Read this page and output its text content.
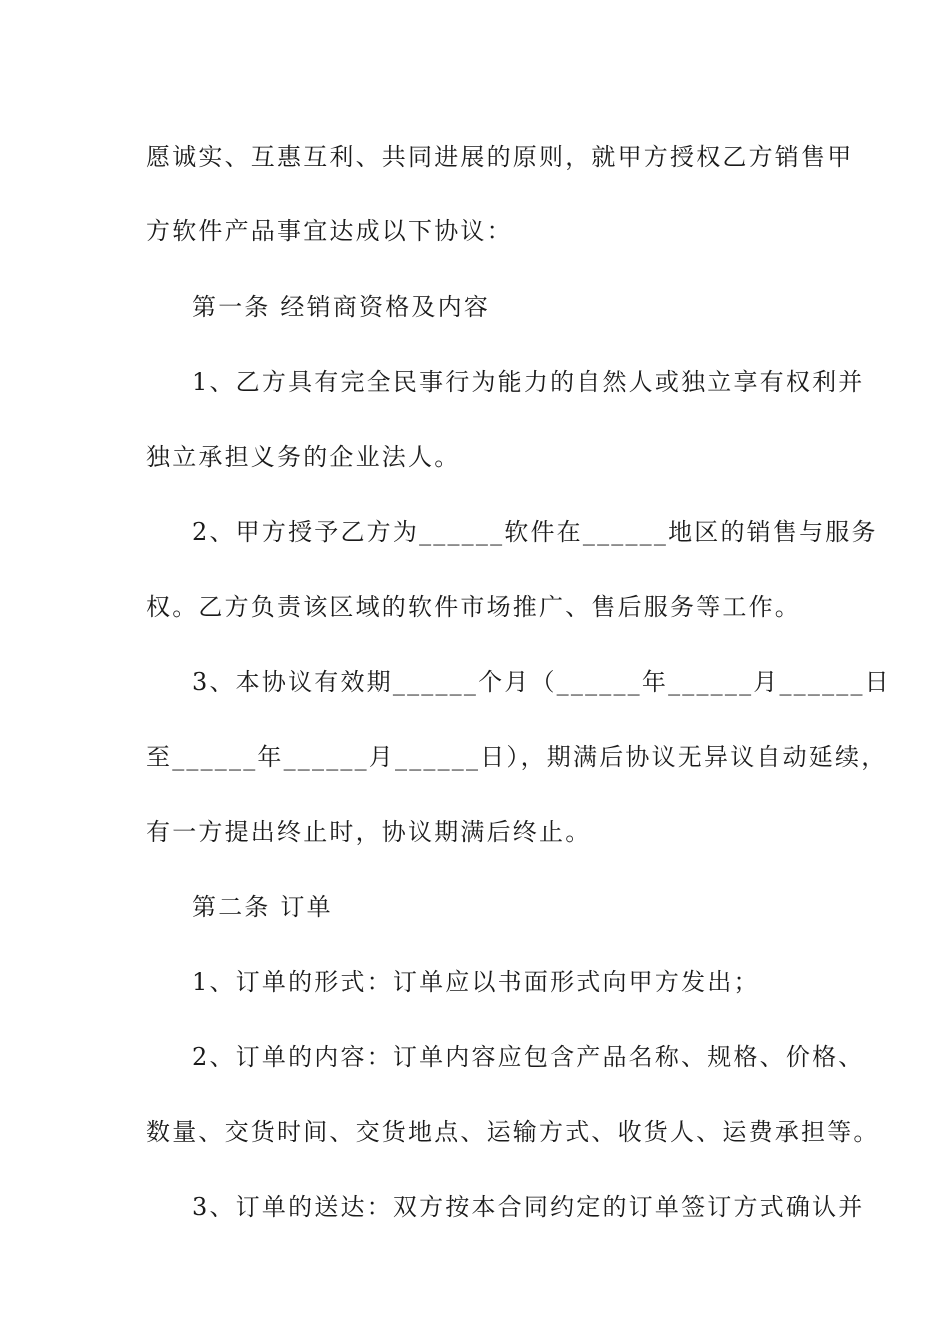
愿诚实、互惠互利、共同进展的原则，就甲方授权乙方销售甲
方软件产品事宜达成以下协议：
第一条 经销商资格及内容
1、乙方具有完全民事行为能力的自然人或独立享有权利并
独立承担义务的企业法人。
2、甲方授予乙方为______软件在______地区的销售与服务
权。乙方负责该区域的软件市场推广、售后服务等工作。
3、本协议有效期______个月（______年______月______日
至______年______月______日），期满后协议无异议自动延续，
有一方提出终止时，协议期满后终止。
第二条 订单
1、订单的形式：订单应以书面形式向甲方发出；
2、订单的内容：订单内容应包含产品名称、规格、价格、
数量、交货时间、交货地点、运输方式、收货人、运费承担等。
3、订单的送达：双方按本合同约定的订单签订方式确认并
